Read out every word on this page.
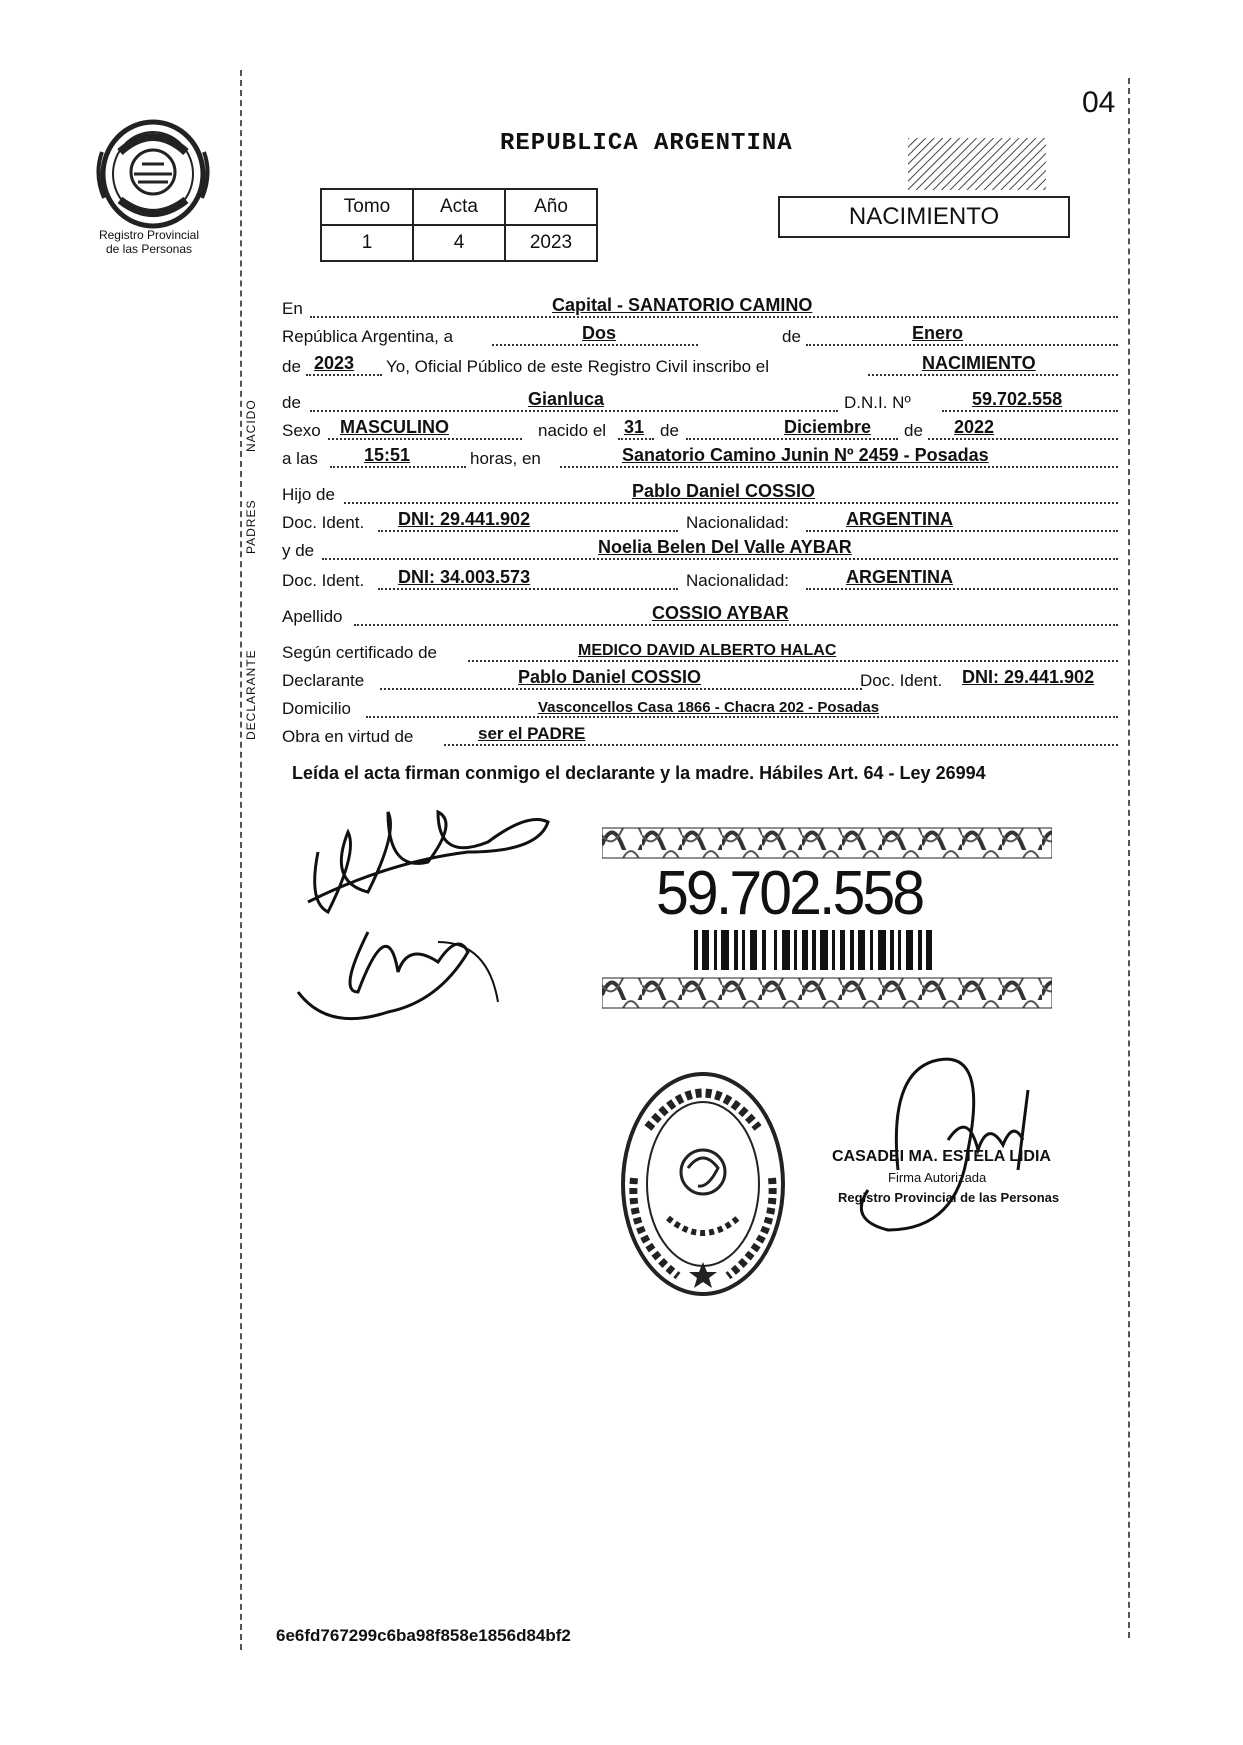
04
Registro Provincial
de las Personas
REPUBLICA ARGENTINA
Tomo	Acta	Año
1	4	2023
NACIMIENTO
NACIDO
PADRES
DECLARANTE
En	Capital - SANATORIO CAMINO
República Argentina, a	Dos	de	Enero
de 2023 Yo, Oficial Público de este Registro Civil inscribo el	NACIMIENTO
de	Gianluca	D.N.I. Nº	59.702.558
Sexo MASCULINO	nacido el 31 de	Diciembre de 2022
a las	15:51	horas, en	Sanatorio Camino Junin Nº 2459 - Posadas
Hijo de	Pablo Daniel COSSIO
Doc. Ident. DNI: 29.441.902	Nacionalidad:	ARGENTINA
y de	Noelia Belen Del Valle AYBAR
Doc. Ident. DNI: 34.003.573	Nacionalidad:	ARGENTINA
Apellido	COSSIO AYBAR
Según certificado de	MEDICO DAVID ALBERTO HALAC
Declarante	Pablo Daniel COSSIO	Doc. Ident. DNI: 29.441.902
Domicilio	Vasconcellos Casa 1866 - Chacra 202 - Posadas
Obra en virtud de	ser el PADRE
Leída el acta firman conmigo el declarante y la madre. Hábiles Art. 64 - Ley 26994
59.702.558
CASADEI MA. ESTELA LIDIA
Firma Autorizada
Registro Provincial de las Personas
6e6fd767299c6ba98f858e1856d84bf2
